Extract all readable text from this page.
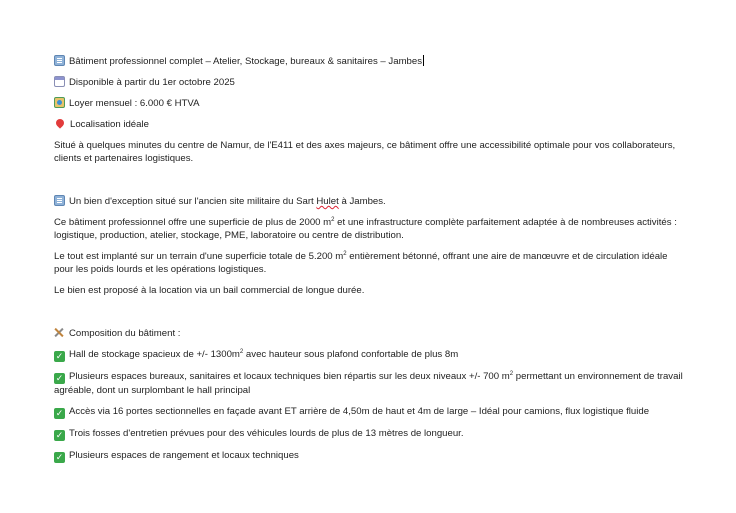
Bâtiment professionnel complet – Atelier, Stockage, bureaux & sanitaires – Jambes
Disponible à partir du 1er octobre 2025
Loyer mensuel : 6.000 € HTVA
Localisation idéale
Situé à quelques minutes du centre de Namur, de l'E411 et des axes majeurs, ce bâtiment offre une accessibilité optimale pour vos collaborateurs, clients et partenaires logistiques.
Un bien d'exception situé sur l'ancien site militaire du Sart Hulet à Jambes.
Ce bâtiment professionnel offre une superficie de plus de 2000 $m^2$ et une infrastructure complète parfaitement adaptée à de nombreuses activités : logistique, production, atelier, stockage, PME, laboratoire ou centre de distribution.
Le tout est implanté sur un terrain d'une superficie totale de 5.200 $m^2$ entièrement bétonné, offrant une aire de manœuvre et de circulation idéale pour les poids lourds et les opérations logistiques.
Le bien est proposé à la location via un bail commercial de longue durée.
Composition du bâtiment :
✓ Hall de stockage spacieux de +/- $1300m^2$ avec hauteur sous plafond confortable de plus 8m
✓ Plusieurs espaces bureaux, sanitaires et locaux techniques bien répartis sur les deux niveaux +/- 700 $m^2$ permettant un environnement de travail agréable, dont un surplombant le hall principal
✓ Accès via 16 portes sectionnelles en façade avant ET arrière de 4,50m de haut et 4m de large – Idéal pour camions, flux logistique fluide
✓ Trois fosses d'entretien prévues pour des véhicules lourds de plus de 13 mètres de longueur.
✓ Plusieurs espaces de rangement et locaux techniques
